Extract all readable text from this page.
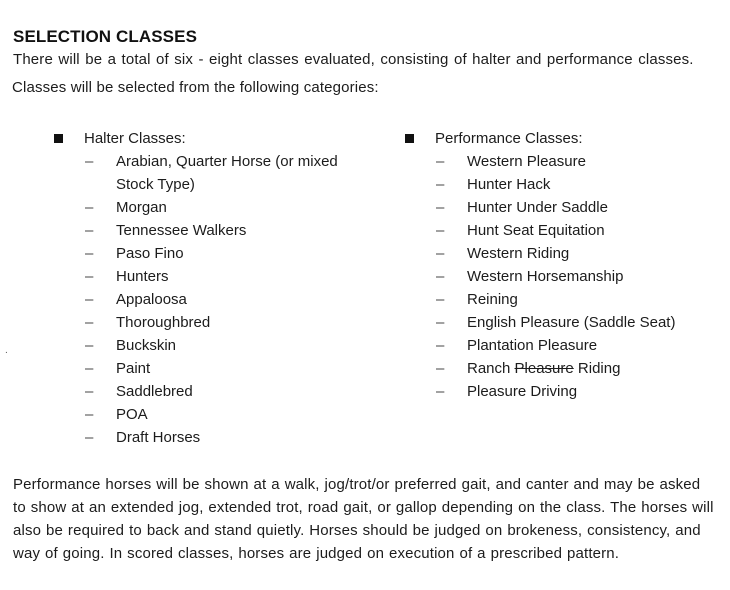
SELECTION CLASSES
There will be a total of six - eight classes evaluated, consisting of halter and performance classes.
Classes will be selected from the following categories:
.
Halter Classes:
– Arabian, Quarter Horse (or mixed Stock Type)
– Morgan
– Tennessee Walkers
– Paso Fino
– Hunters
– Appaloosa
– Thoroughbred
– Buckskin
– Paint
– Saddlebred
– POA
– Draft Horses
Performance Classes:
– Western Pleasure
– Hunter Hack
– Hunter Under Saddle
– Hunt Seat Equitation
– Western Riding
– Western Horsemanship
– Reining
– English Pleasure (Saddle Seat)
– Plantation Pleasure
– Ranch Pleasure Riding
– Pleasure Driving
Performance horses will be shown at a walk, jog/trot/or preferred gait, and canter and may be asked to show at an extended jog, extended trot, road gait, or gallop depending on the class. The horses will also be required to back and stand quietly. Horses should be judged on brokeness, consistency, and way of going. In scored classes, horses are judged on execution of a prescribed pattern.
